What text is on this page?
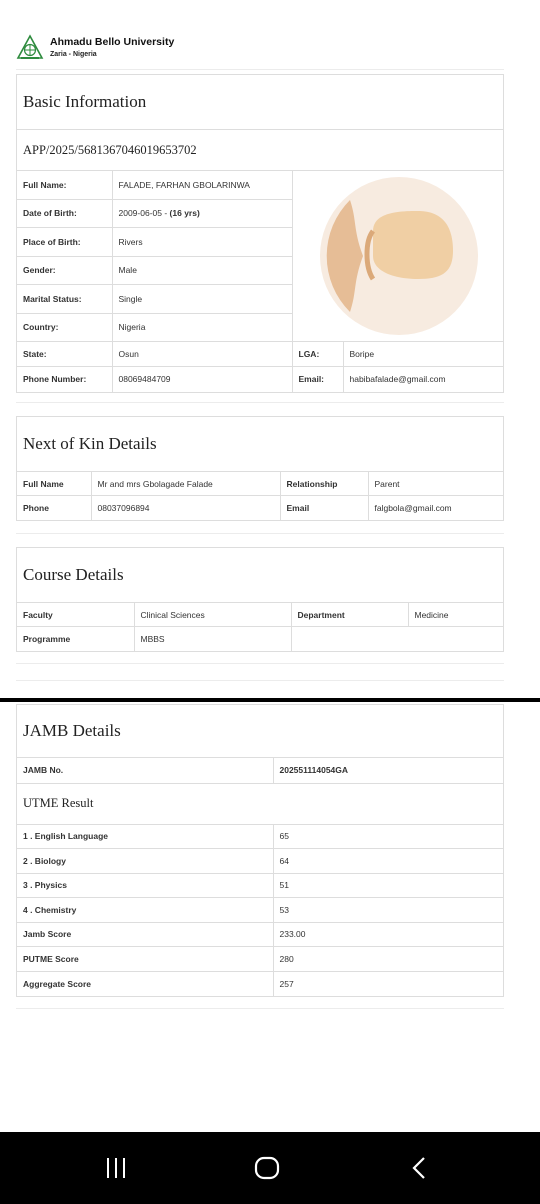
Ahmadu Bello University
Zaria - Nigeria
Basic Information
APP/2025/5681367046019653702
Full Name:	FALADE, FARHAN GBOLARINWA	

Date of Birth:	2009-06-05 - (16 yrs)		
Place of Birth:	Rivers		
Gender:	Male		
Marital Status:	Single		
Country:	Nigeria		
State:	Osun	LGA:	Boripe
Phone Number:	08069484709	Email:	habibafalade@gmail.com
Next of Kin Details
Full Name	Mr and mrs Gbolagade Falade	Relationship	Parent
Phone	08037096894	Email	falgbola@gmail.com
Course Details
Faculty	Clinical Sciences	Department	Medicine
Programme	MBBS		
JAMB Details
JAMB No.	202551114054GA
UTME Result
1 . English Language	65
2 . Biology	64
3 . Physics	51
4 . Chemistry	53
Jamb Score	233.00
PUTME Score	280
Aggregate Score	257
